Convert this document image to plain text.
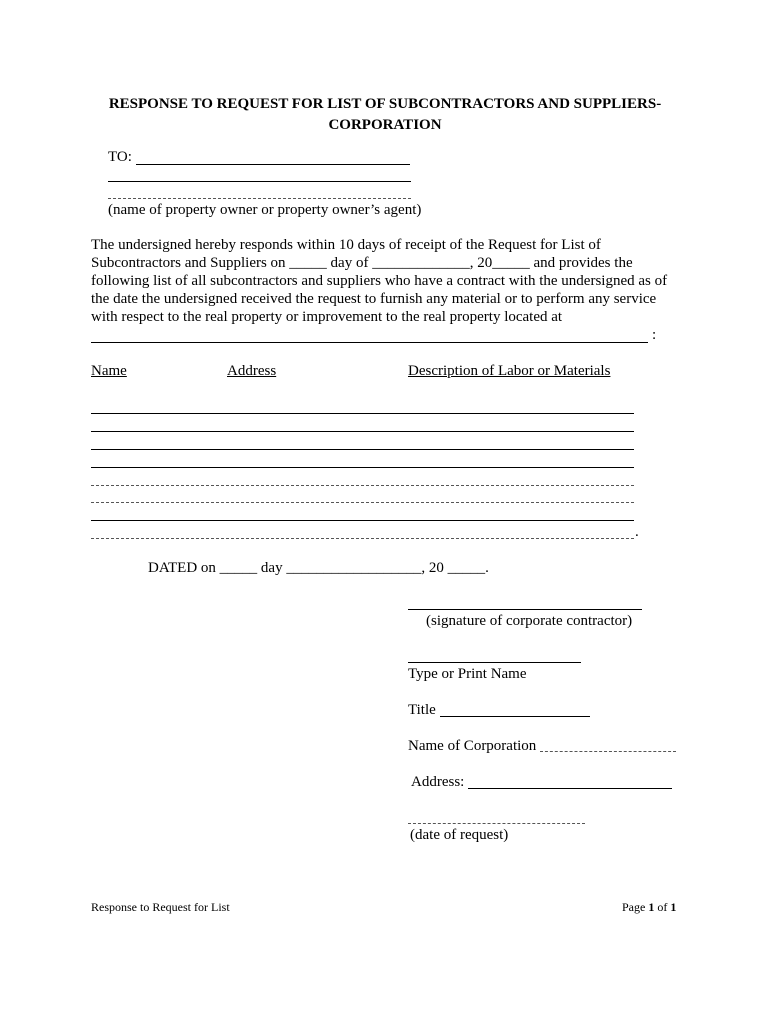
RESPONSE TO REQUEST FOR LIST OF SUBCONTRACTORS AND SUPPLIERS-
CORPORATION
TO:
(name of property owner or property owner’s agent)
The undersigned hereby responds within 10 days of receipt of the Request for List of
Subcontractors and Suppliers on _____ day of _____________, 20_____ and provides the
following list of all subcontractors and suppliers who have a contract with the undersigned as of
the date the undersigned received the request to furnish any material or to perform any service
with respect to the real property or improvement to the real property located at
:
Name	Address	Description of Labor or Materials
.
DATED on _____ day __________________, 20 _____.
(signature of corporate contractor)
Type or Print Name
Title
Name of Corporation
Address:
(date of request)
Response to Request for List	Page 1 of 1
